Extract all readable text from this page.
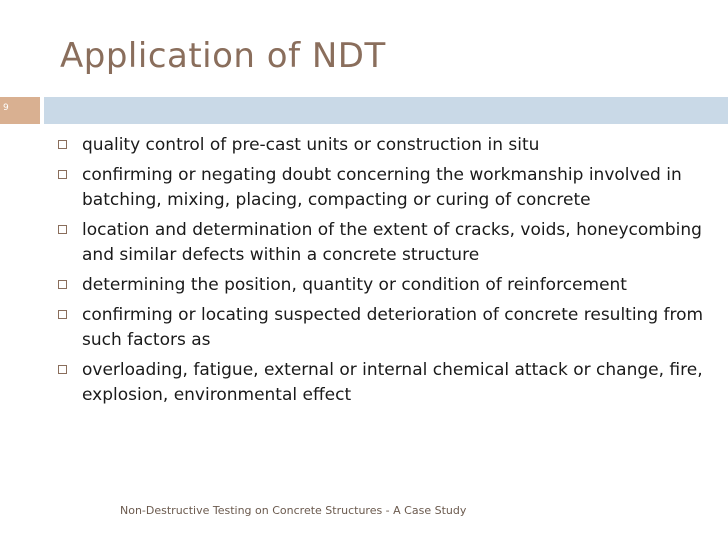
Application of NDT
9
quality control of pre-cast units or construction in situ
confirming or negating doubt concerning the workmanship involved in batching, mixing, placing, compacting or curing of concrete
location and determination of the extent of cracks, voids, honeycombing and similar defects within a concrete structure
determining the position, quantity or condition of reinforcement
confirming or locating suspected deterioration of concrete resulting from such factors as
overloading, fatigue, external or internal chemical attack or change, fire, explosion, environmental effect
Non-Destructive Testing on Concrete Structures - A Case Study
